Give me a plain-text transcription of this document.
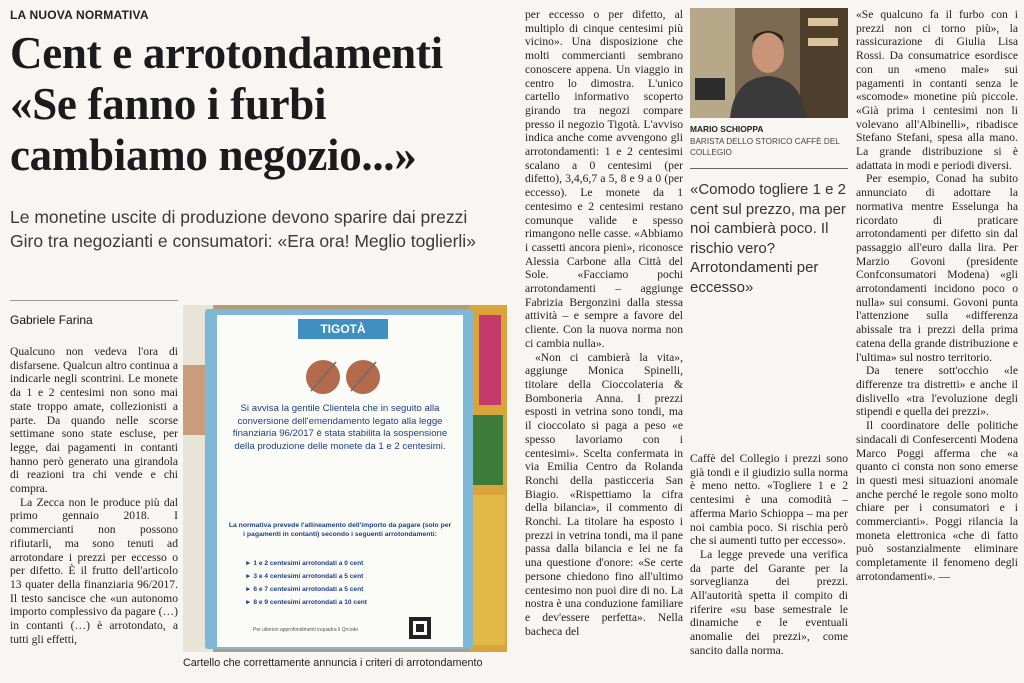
LA NUOVA NORMATIVA
Cent e arrotondamenti
«Se fanno i furbi
cambiamo negozio...»
Le monetine uscite di produzione devono sparire dai prezzi
Giro tra negozianti e consumatori: «Era ora! Meglio toglierli»
Gabriele Farina

Qualcuno non vedeva l'ora di disfarsene. Qualcun altro continua a indicarle negli scontrini. Le monete da 1 e 2 centesimi non sono mai state troppo amate, collezionisti a parte. Da quando nelle scorse settimane sono state escluse, per legge, dai pagamenti in contanti hanno però generato una girandola di reazioni tra chi vende e chi compra.

La Zecca non le produce più dal primo gennaio 2018. I commercianti non possono rifiutarli, ma sono tenuti ad arrotondare i prezzi per eccesso o per difetto. È il frutto dell'articolo 13 quater della finanziaria 96/2017. Il testo sancisce che «un autonomo importo complessivo da pagare (…) in contanti (…) è arrotondato, a tutti gli effetti,

TIGOTÀ
Si avvisa la gentile Clientela che in seguito alla conversione dell'emendamento legato alla legge finanziaria 96/2017 è stata stabilita la sospensione della produzione delle monete da 1 e 2 centesimi.
La normativa prevede l'allineamento dell'importo da pagare (solo per i pagamenti in contanti) secondo i seguenti arrotondamenti:
► 1 e 2 centesimi arrotondati a 0 cent
► 3 e 4 centesimi arrotondati a 5 cent
► 6 e 7 centesimi arrotondati a 5 cent
► 8 e 9 centesimi arrotondati a 10 cent
Per ulteriori approfondimenti inquadra il Qrcode
Cartello che correttamente annuncia i criteri di arrotondamento

per eccesso o per difetto, al multiplo di cinque centesimi più vicino». Una disposizione che molti commercianti sembrano conoscere appena. Un viaggio in centro lo dimostra. L'unico cartello informativo scoperto girando tra negozi compare presso il negozio Tigotà. L'avviso indica anche come avvengono gli arrotondamenti: 1 e 2 centesimi scalano a 0 centesimi (per difetto), 3,4,6,7 a 5, 8 e 9 a 0 (per eccesso). Le monete da 1 centesimo e 2 centesimi restano comunque valide e spesso rimangono nelle casse. «Abbiamo i cassetti ancora pieni», riconosce Alessia Carbone alla Città del Sole. «Facciamo pochi arrotondamenti – aggiunge Fabrizia Bergonzini dalla stessa attività – e sempre a favore del cliente. Con la nuova norma non ci cambia nulla».

«Non ci cambierà la vita», aggiunge Monica Spinelli, titolare della Cioccolateria & Bomboneria Anna. I prezzi esposti in vetrina sono tondi, ma il cioccolato si paga a peso «e spesso lavoriamo con i centesimi». Scelta confermata in via Emilia Centro da Rolanda Ronchi della pasticceria San Biagio. «Rispettiamo la cifra della bilancia», il commento di Ronchi. La titolare ha esposto i prezzi in vetrina tondi, ma il pane passa dalla bilancia e lei ne fa una questione d'onore: «Se certe persone chiedono fino all'ultimo centesimo non puoi dire di no. La nostra è una conduzione familiare e dev'essere perfetta». Nella bacheca del

MARIO SCHIOPPA
BARISTA DELLO STORICO CAFFÈ DEL COLLEGIO
«Comodo togliere 1 e 2 cent sul prezzo, ma per noi cambierà poco. Il rischio vero? Arrotondamenti per eccesso»

Caffè del Collegio i prezzi sono già tondi e il giudizio sulla norma è meno netto. «Togliere 1 e 2 centesimi è una comodità – afferma Mario Schioppa – ma per noi cambia poco. Si rischia però che si aumenti tutto per eccesso».

La legge prevede una verifica da parte del Garante per la sorveglianza dei prezzi. All'autorità spetta il compito di riferire «su base semestrale le dinamiche e le eventuali anomalie dei prezzi», come sancito dalla norma.

«Se qualcuno fa il furbo con i prezzi non ci torno più», la rassicurazione di Giulia Lisa Rossi. Da consumatrice esordisce con un «meno male» sui pagamenti in contanti senza le «scomode» monetine più piccole. «Già prima i centesimi non li volevano all'Albinelli», ribadisce Stefano Stefani, spesa alla mano. La grande distribuzione si è adattata in modi e periodi diversi.

Per esempio, Conad ha subito annunciato di adottare la normativa mentre Esselunga ha ricordato di praticare arrotondamenti per difetto sin dal passaggio all'euro dalla lira. Per Marzio Govoni (presidente Confconsumatori Modena) «gli arrotondamenti incidono poco o nulla» sui consumi. Govoni punta l'attenzione sulla «differenza abissale tra i prezzi della prima catena della grande distribuzione e l'ultima» sul nostro territorio.

Da tenere sott'occhio «le differenze tra distretti» e anche il dislivello «tra l'evoluzione degli stipendi e quella dei prezzi».

Il coordinatore delle politiche sindacali di Confesercenti Modena Marco Poggi afferma che «a quanto ci consta non sono emerse in questi mesi situazioni anomale anche perché le regole sono molto chiare per i consumatori e i commercianti». Poggi rilancia la moneta elettronica «che di fatto può sostanzialmente eliminare completamente il fenomeno degli arrotondamenti». —
